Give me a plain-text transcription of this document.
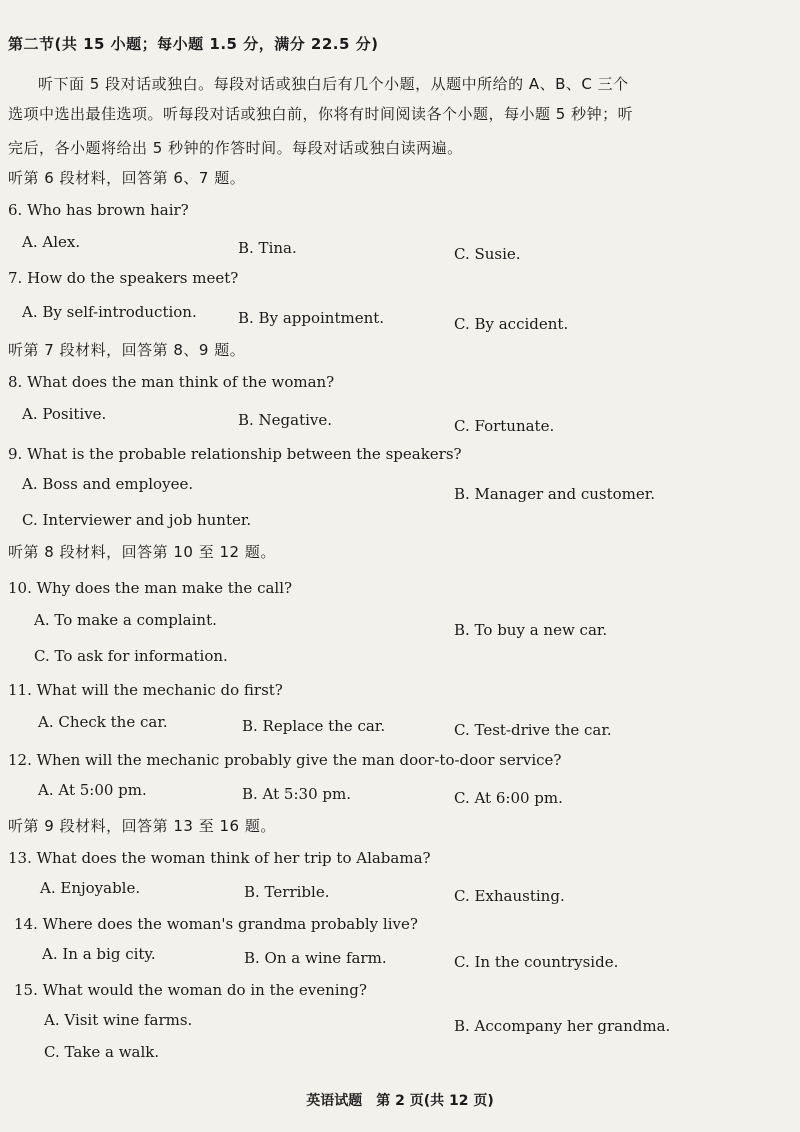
第二节(共 15 小题；每小题 1.5 分，满分 22.5 分)
听下面 5 段对话或独白。每段对话或独白后有几个小题，从题中所给的 A、B、C 三个
选项中选出最佳选项。听每段对话或独白前，你将有时间阅读各个小题，每小题 5 秒钟；听
完后，各小题将给出 5 秒钟的作答时间。每段对话或独白读两遍。
听第 6 段材料，回答第 6、7 题。
6. Who has brown hair?
A. Alex.	B. Tina.	C. Susie.
7. How do the speakers meet?
A. By self-introduction.	B. By appointment.	C. By accident.
听第 7 段材料，回答第 8、9 题。
8. What does the man think of the woman?
A. Positive.	B. Negative.	C. Fortunate.
9. What is the probable relationship between the speakers?
A. Boss and employee.
B. Manager and customer.
C. Interviewer and job hunter.
听第 8 段材料，回答第 10 至 12 题。
10. Why does the man make the call?
A. To make a complaint.
B. To buy a new car.
C. To ask for information.
11. What will the mechanic do first?
A. Check the car.	B. Replace the car.	C. Test-drive the car.
12. When will the mechanic probably give the man door-to-door service?
A. At 5:00 pm.	B. At 5:30 pm.	C. At 6:00 pm.
听第 9 段材料，回答第 13 至 16 题。
13. What does the woman think of her trip to Alabama?
A. Enjoyable.	B. Terrible.	C. Exhausting.
14. Where does the woman's grandma probably live?
A. In a big city.	B. On a wine farm.	C. In the countryside.
15. What would the woman do in the evening?
A. Visit wine farms.	B. Accompany her grandma.
C. Take a walk.
英语试题　第 2 页(共 12 页)
